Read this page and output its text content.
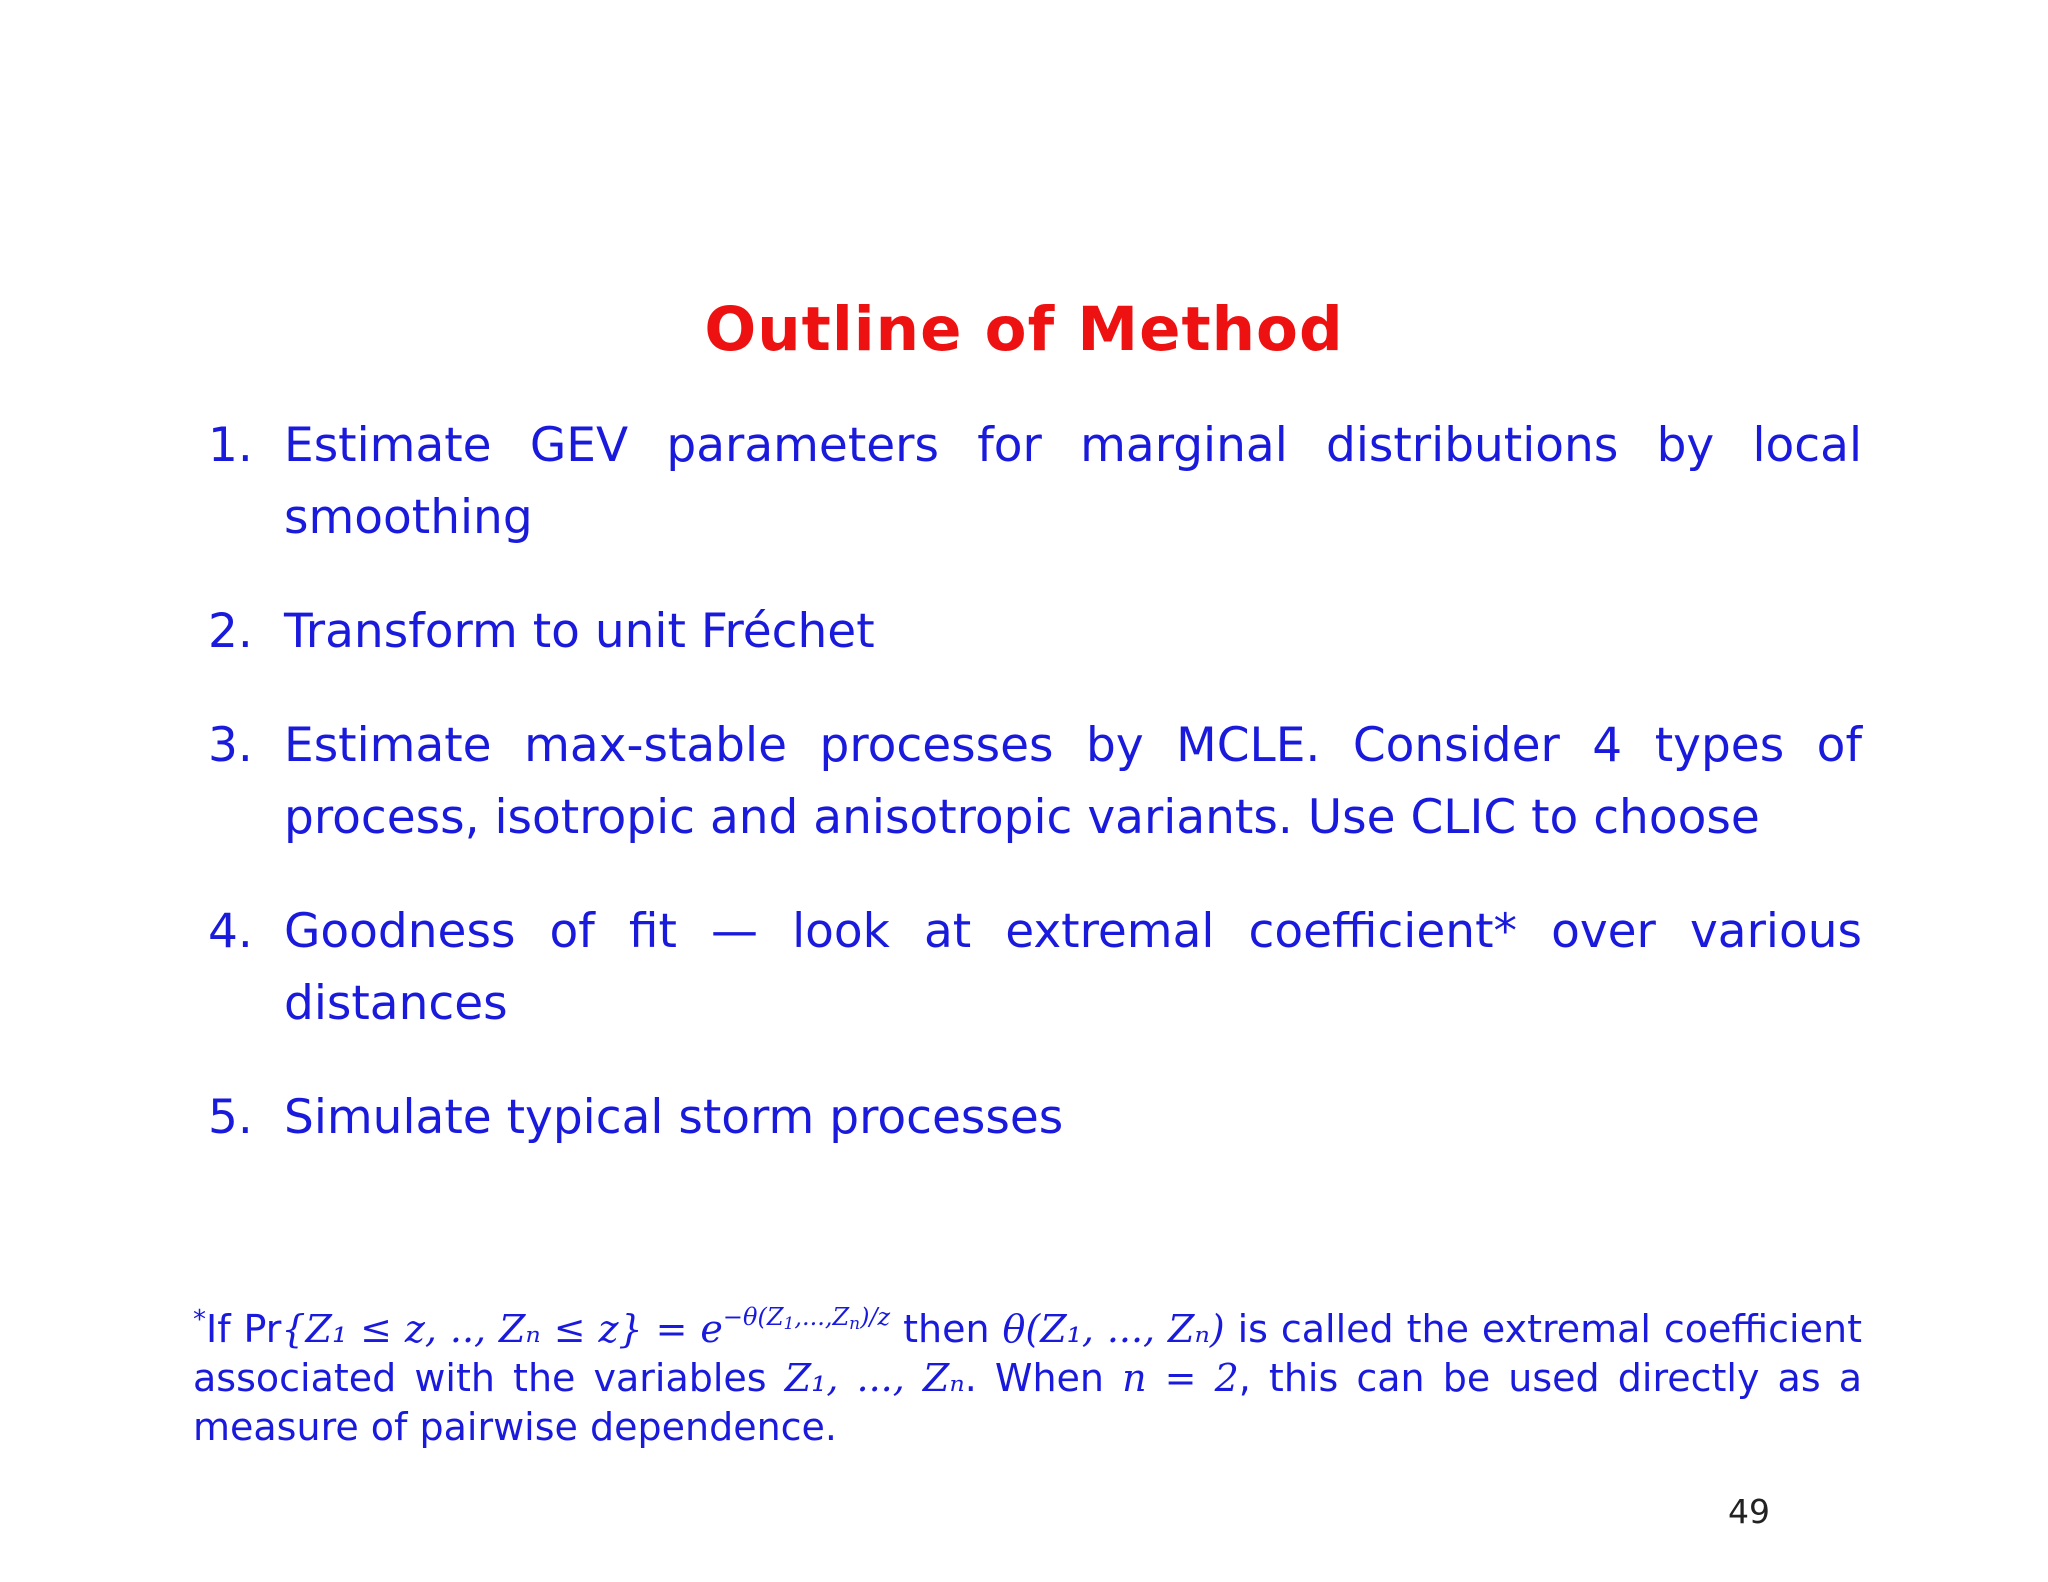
Outline of Method
1. Estimate GEV parameters for marginal distributions by local smoothing
2. Transform to unit Fréchet
3. Estimate max-stable processes by MCLE. Consider 4 types of process, isotropic and anisotropic variants. Use CLIC to choose
4. Goodness of fit — look at extremal coefficient* over various distances
5. Simulate typical storm processes
*If Pr{Z₁ ≤ z, .., $Z_n \le z\} = e^{-\theta(Z_1,...,Z_n)/z}$ then θ(Z₁, ..., Zₙ) is called the extremal coefficient associated with the variables Z₁, ..., Zₙ. When n = 2, this can be used directly as a measure of pairwise dependence.
49
